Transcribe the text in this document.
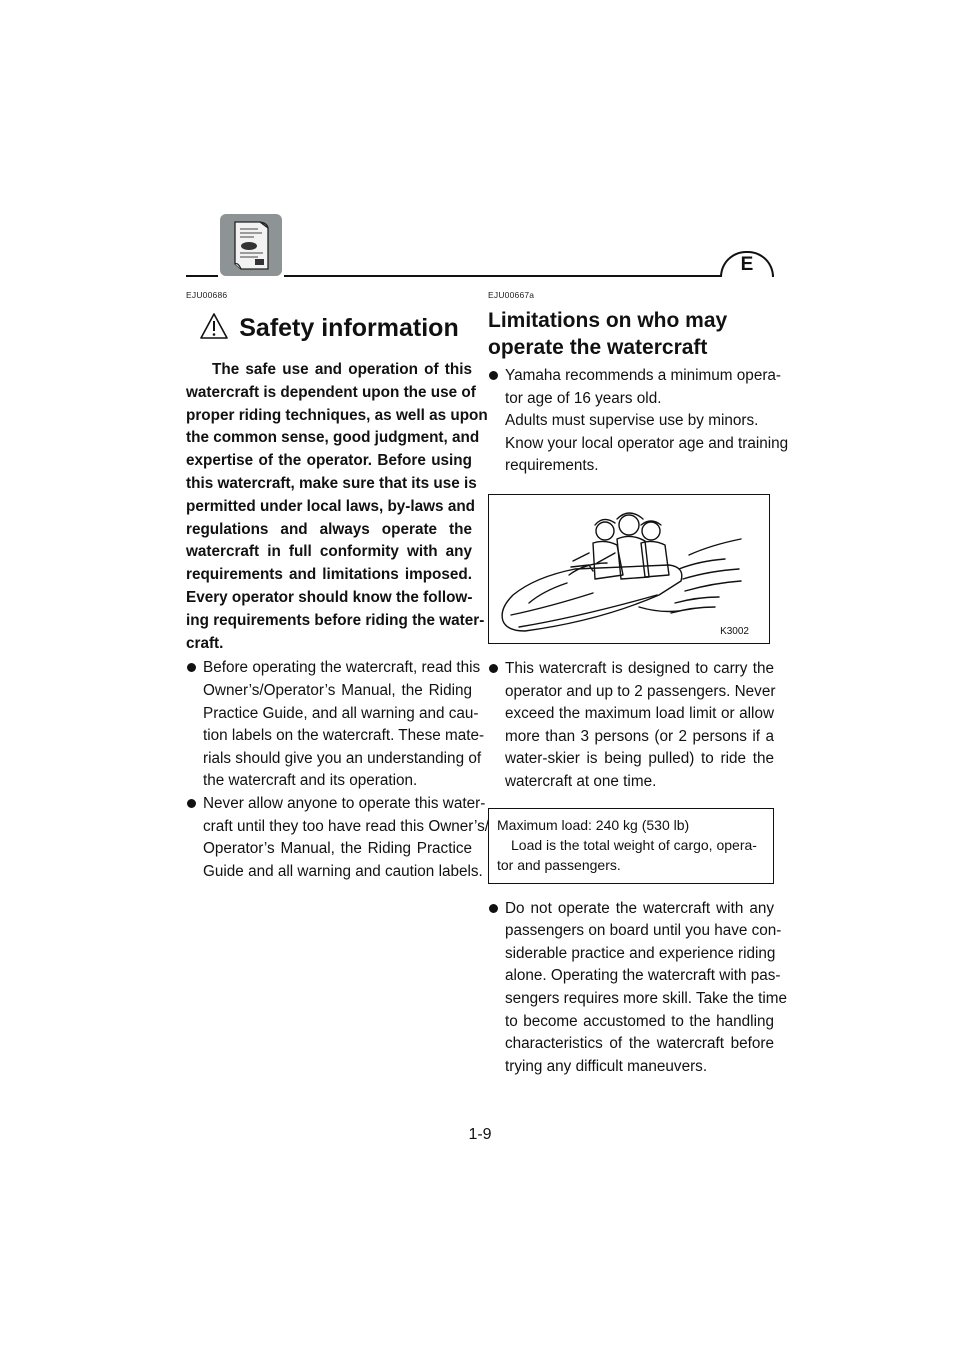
E
EJU00686
Safety information
The safe use and operation of this
watercraft is dependent upon the use of
proper riding techniques, as well as upon
the common sense, good judgment, and
expertise of the operator. Before using
this watercraft, make sure that its use is
permitted under local laws, by-laws and
regulations and always operate the
watercraft in full conformity with any
requirements and limitations imposed.
Every operator should know the follow-
ing requirements before riding the water-
craft.
Before operating the watercraft, read this
Owner’s/Operator’s Manual, the Riding
Practice Guide, and all warning and cau-
tion labels on the watercraft. These mate-
rials should give you an understanding of
the watercraft and its operation.
Never allow anyone to operate this water-
craft until they too have read this Owner’s/
Operator’s Manual, the Riding Practice
Guide and all warning and caution labels.
EJU00667a
Limitations on who may
operate the watercraft
Yamaha recommends a minimum opera-
tor age of 16 years old.
Adults must supervise use by minors.
Know your local operator age and training
requirements.
K3002
This watercraft is designed to carry the
operator and up to 2 passengers. Never
exceed the maximum load limit or allow
more than 3 persons (or 2 persons if a
water-skier is being pulled) to ride the
watercraft at one time.
Maximum load: 240 kg (530 lb)
Load is the total weight of cargo, opera-
tor and passengers.
Do not operate the watercraft with any
passengers on board until you have con-
siderable practice and experience riding
alone. Operating the watercraft with pas-
sengers requires more skill. Take the time
to become accustomed to the handling
characteristics of the watercraft before
trying any difficult maneuvers.
1-9
